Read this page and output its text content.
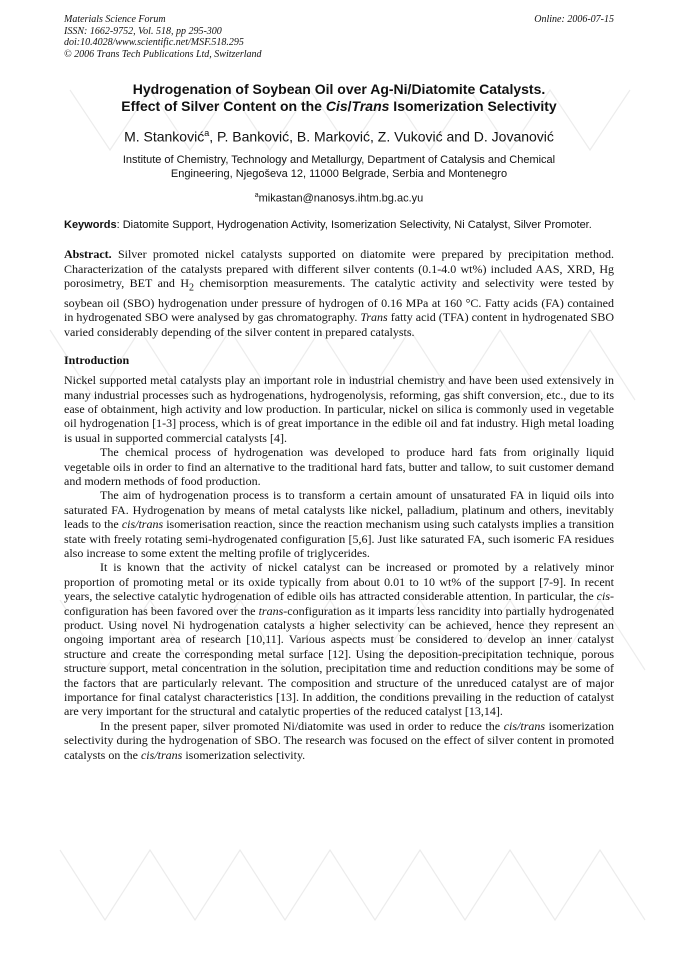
Materials Science Forum
ISSN: 1662-9752, Vol. 518, pp 295-300
doi:10.4028/www.scientific.net/MSF.518.295
© 2006 Trans Tech Publications Ltd, Switzerland
Online: 2006-07-15
Hydrogenation of Soybean Oil over Ag-Ni/Diatomite Catalysts.
Effect of Silver Content on the Cis/Trans Isomerization Selectivity
M. Stanković$^a$, P. Banković, B. Marković, Z. Vuković and D. Jovanović
Institute of Chemistry, Technology and Metallurgy, Department of Catalysis and Chemical
Engineering, Njegoševa 12, 11000 Belgrade, Serbia and Montenegro
$^a$mikastan@nanosys.ihtm.bg.ac.yu
Keywords: Diatomite Support, Hydrogenation Activity, Isomerization Selectivity, Ni Catalyst, Silver Promoter.

Abstract. Silver promoted nickel catalysts supported on diatomite were prepared by precipitation method. Characterization of the catalysts prepared with different silver contents (0.1-4.0 wt%) included AAS, XRD, Hg porosimetry, BET and $H_2$ chemisorption measurements. The catalytic activity and selectivity were tested by soybean oil (SBO) hydrogenation under pressure of hydrogen of 0.16 MPa at 160 °C. Fatty acids (FA) contained in hydrogenated SBO were analysed by gas chromatography. Trans fatty acid (TFA) content in hydrogenated SBO varied considerably depending of the silver content in prepared catalysts.

Introduction

Nickel supported metal catalysts play an important role in industrial chemistry and have been used extensively in many industrial processes such as hydrogenations, hydrogenolysis, reforming, gas shift conversion, etc., due to its ease of obtainment, high activity and low production. In particular, nickel on silica is commonly used in vegetable oil hydrogenation [1-3] process, which is of great importance in the edible oil and fat industry. High metal loading is usual in supported commercial catalysts [4].

The chemical process of hydrogenation was developed to produce hard fats from originally liquid vegetable oils in order to find an alternative to the traditional hard fats, butter and tallow, to suit customer demand and modern methods of food production.

The aim of hydrogenation process is to transform a certain amount of unsaturated FA in liquid oils into saturated FA. Hydrogenation by means of metal catalysts like nickel, palladium, platinum and others, inevitably leads to the cis/trans isomerisation reaction, since the reaction mechanism using such catalysts implies a transition state with freely rotating semi-hydrogenated configuration [5,6]. Just like saturated FA, such isomeric FA residues also increase to some extent the melting profile of triglycerides.

It is known that the activity of nickel catalyst can be increased or promoted by a relatively minor proportion of promoting metal or its oxide typically from about 0.01 to 10 wt% of the support [7-9]. In recent years, the selective catalytic hydrogenation of edible oils has attracted considerable attention. In particular, the cis-configuration has been favored over the trans-configuration as it imparts less rancidity into partially hydrogenated product. Using novel Ni hydrogenation catalysts a higher selectivity can be achieved, hence they represent an ongoing important area of research [10,11]. Various aspects must be considered to develop an inner catalyst structure and create the corresponding metal surface [12]. Using the deposition-precipitation technique, porous structure support, metal concentration in the solution, precipitation time and reduction conditions may be some of the factors that are particularly relevant. The composition and structure of the unreduced catalyst are of major importance for final catalyst characteristics [13]. In addition, the conditions prevailing in the reduction of catalyst are very important for the structural and catalytic properties of the reduced catalyst [13,14].

In the present paper, silver promoted Ni/diatomite was used in order to reduce the cis/trans isomerization selectivity during the hydrogenation of SBO. The research was focused on the effect of silver content in promoted catalysts on the cis/trans isomerization selectivity.
